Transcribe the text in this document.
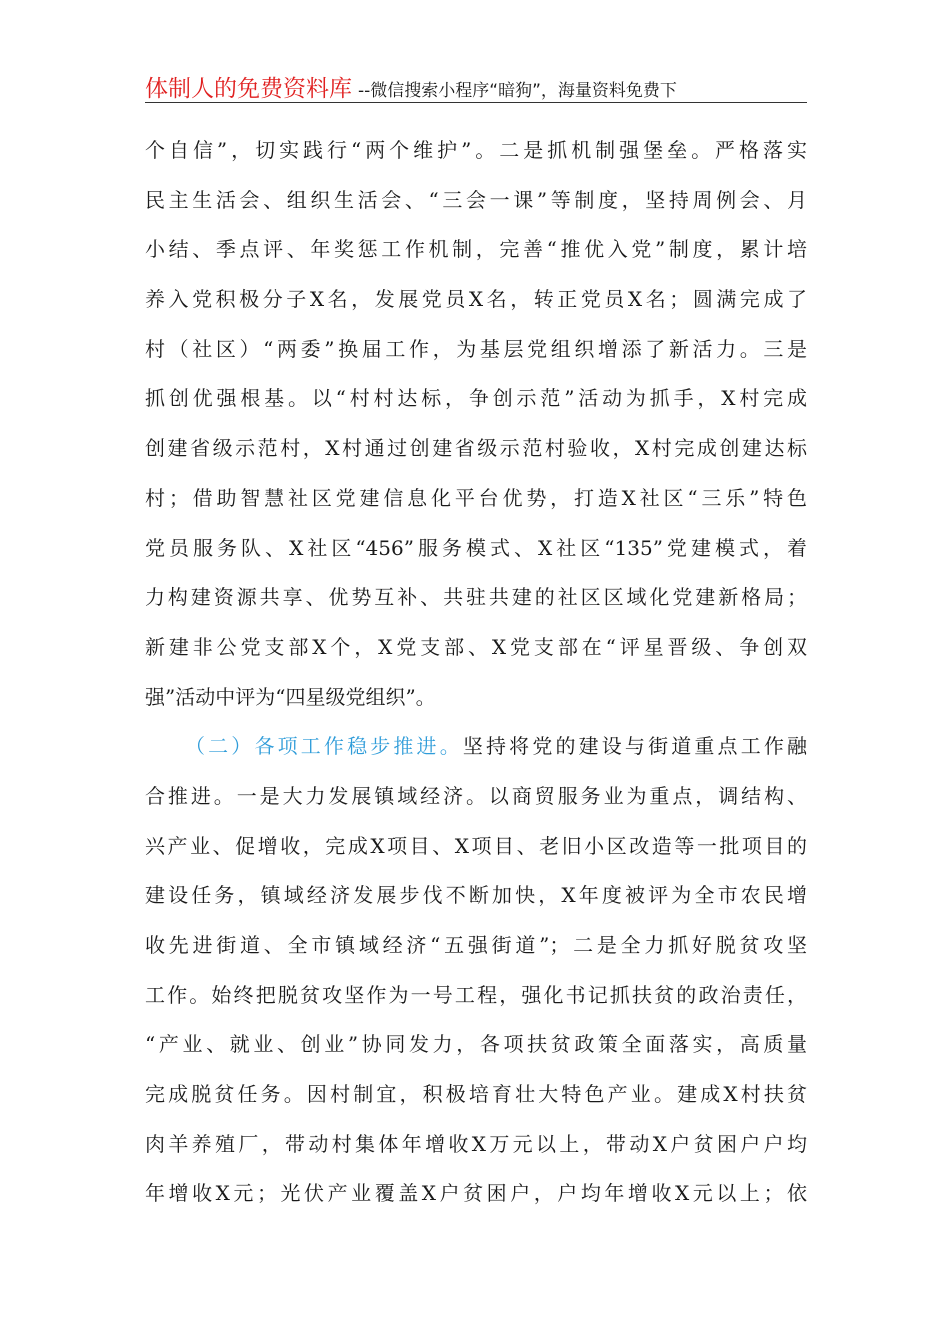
体制人的免费资料库 --微信搜索小程序“暗狗”，海量资料免费下
个自信”，切实践行“两个维护”。二是抓机制强堡垒。严格落实
民主生活会、组织生活会、“三会一课”等制度，坚持周例会、月
小结、季点评、年奖惩工作机制，完善“推优入党”制度，累计培
养入党积极分子X名，发展党员X名，转正党员X名；圆满完成了
村（社区）“两委”换届工作，为基层党组织增添了新活力。三是
抓创优强根基。以“村村达标，争创示范”活动为抓手，X村完成
创建省级示范村，X村通过创建省级示范村验收，X村完成创建达标
村；借助智慧社区党建信息化平台优势，打造X社区“三乐”特色
党员服务队、X社区“456”服务模式、X社区“135”党建模式，着
力构建资源共享、优势互补、共驻共建的社区区域化党建新格局；
新建非公党支部X个，X党支部、X党支部在“评星晋级、争创双
强”活动中评为“四星级党组织”。
（二）各项工作稳步推进。坚持将党的建设与街道重点工作融
合推进。一是大力发展镇域经济。以商贸服务业为重点，调结构、
兴产业、促增收，完成X项目、X项目、老旧小区改造等一批项目的
建设任务，镇域经济发展步伐不断加快，X年度被评为全市农民增
收先进街道、全市镇域经济“五强街道”；二是全力抓好脱贫攻坚
工作。始终把脱贫攻坚作为一号工程，强化书记抓扶贫的政治责任，
“产业、就业、创业”协同发力，各项扶贫政策全面落实，高质量
完成脱贫任务。因村制宜，积极培育壮大特色产业。建成X村扶贫
肉羊养殖厂，带动村集体年增收X万元以上，带动X户贫困户户均
年增收X元；光伏产业覆盖X户贫困户，户均年增收X元以上；依
